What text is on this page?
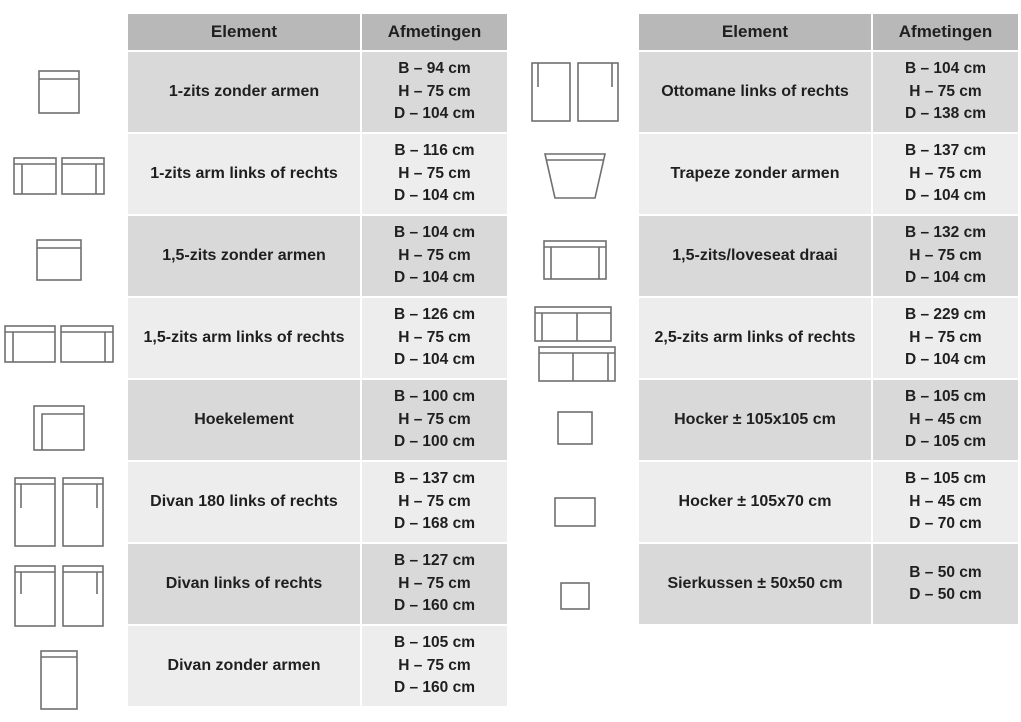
Element	Afmetingen
1-zits zonder armen	B – 94 cm
H – 75 cm
D – 104 cm

1-zits arm links of rechts	B – 116 cm
H – 75 cm
D – 104 cm

1,5-zits zonder armen	B – 104 cm
H – 75 cm
D – 104 cm

1,5-zits arm links of rechts	B – 126 cm
H – 75 cm
D – 104 cm

Hoekelement	B – 100 cm
H – 75 cm
D – 100 cm

Divan 180 links of rechts	B – 137 cm
H – 75 cm
D – 168 cm

Divan links of rechts	B – 127 cm
H – 75 cm
D – 160 cm

Divan zonder armen	B – 105 cm
H – 75 cm
D – 160 cm
Element	Afmetingen
Ottomane links of rechts	B – 104 cm
H – 75 cm
D – 138 cm

Trapeze zonder armen	B – 137 cm
H – 75 cm
D – 104 cm

1,5-zits/loveseat draai	B – 132 cm
H – 75 cm
D – 104 cm

2,5-zits arm links of rechts	B – 229 cm
H – 75 cm
D – 104 cm

Hocker ± 105x105 cm	B – 105 cm
H – 45 cm
D – 105 cm

Hocker ± 105x70 cm	B – 105 cm
H – 45 cm
D – 70 cm

Sierkussen ± 50x50 cm	B – 50 cm
D – 50 cm
